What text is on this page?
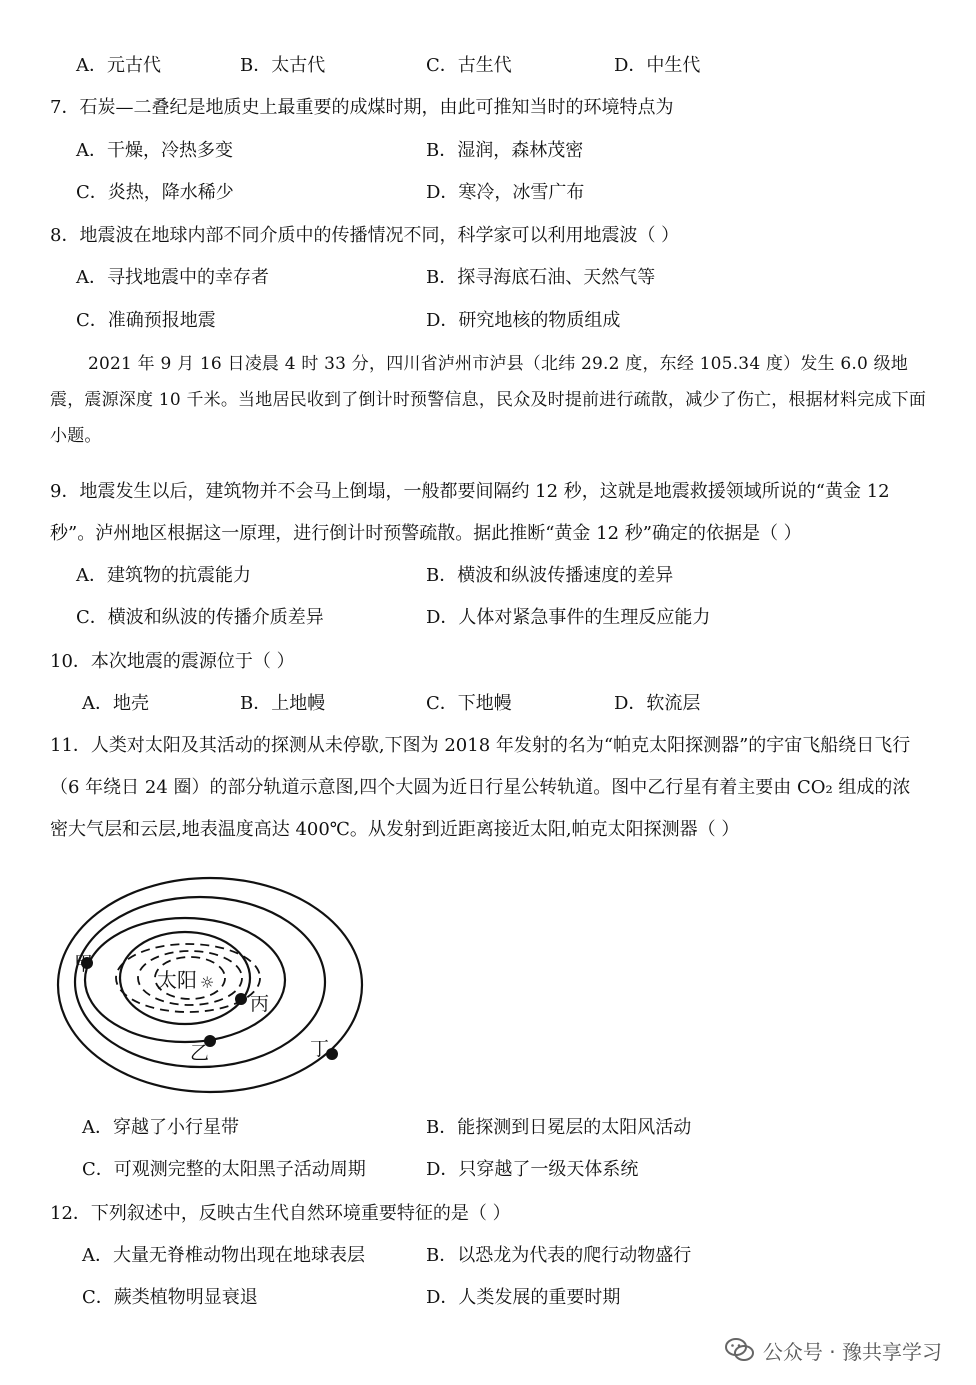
A．元古代	B．太古代	C．古生代	D．中生代
7．石炭—二叠纪是地质史上最重要的成煤时期，由此可推知当时的环境特点为
A．干燥，冷热多变	B．湿润，森林茂密
C．炎热，降水稀少	D．寒冷，冰雪广布
8．地震波在地球内部不同介质中的传播情况不同，科学家可以利用地震波（ ）
A．寻找地震中的幸存者	B．探寻海底石油、天然气等
C．准确预报地震	D．研究地核的物质组成
2021 年 9 月 16 日凌晨 4 时 33 分，四川省泸州市泸县（北纬 29.2 度，东经 105.34 度）发生 6.0 级地震，震源深度 10 千米。当地居民收到了倒计时预警信息，民众及时提前进行疏散，减少了伤亡，根据材料完成下面小题。
9．地震发生以后，建筑物并不会马上倒塌，一般都要间隔约 12 秒，这就是地震救援领域所说的“黄金 12
秒”。泸州地区根据这一原理，进行倒计时预警疏散。据此推断“黄金 12 秒”确定的依据是（ ）
A．建筑物的抗震能力	B．横波和纵波传播速度的差异
C．横波和纵波的传播介质差异	D．人体对紧急事件的生理反应能力
10．本次地震的震源位于（ ）
A．地壳	B．上地幔	C．下地幔	D．软流层
11．人类对太阳及其活动的探测从未停歇,下图为 2018 年发射的名为“帕克太阳探测器”的宇宙飞船绕日飞行
（6 年绕日 24 圈）的部分轨道示意图,四个大圆为近日行星公转轨道。图中乙行星有着主要由 CO₂ 组成的浓
密大气层和云层,地表温度高达 400℃。从发射到近距离接近太阳,帕克太阳探测器（ ）
太阳 ☼
甲
丙
乙	丁
A．穿越了小行星带	B．能探测到日冕层的太阳风活动
C．可观测完整的太阳黑子活动周期	D．只穿越了一级天体系统
12．下列叙述中，反映古生代自然环境重要特征的是（ ）
A．大量无脊椎动物出现在地球表层	B．以恐龙为代表的爬行动物盛行
C．蕨类植物明显衰退	D．人类发展的重要时期
公众号 · 豫共享学习
